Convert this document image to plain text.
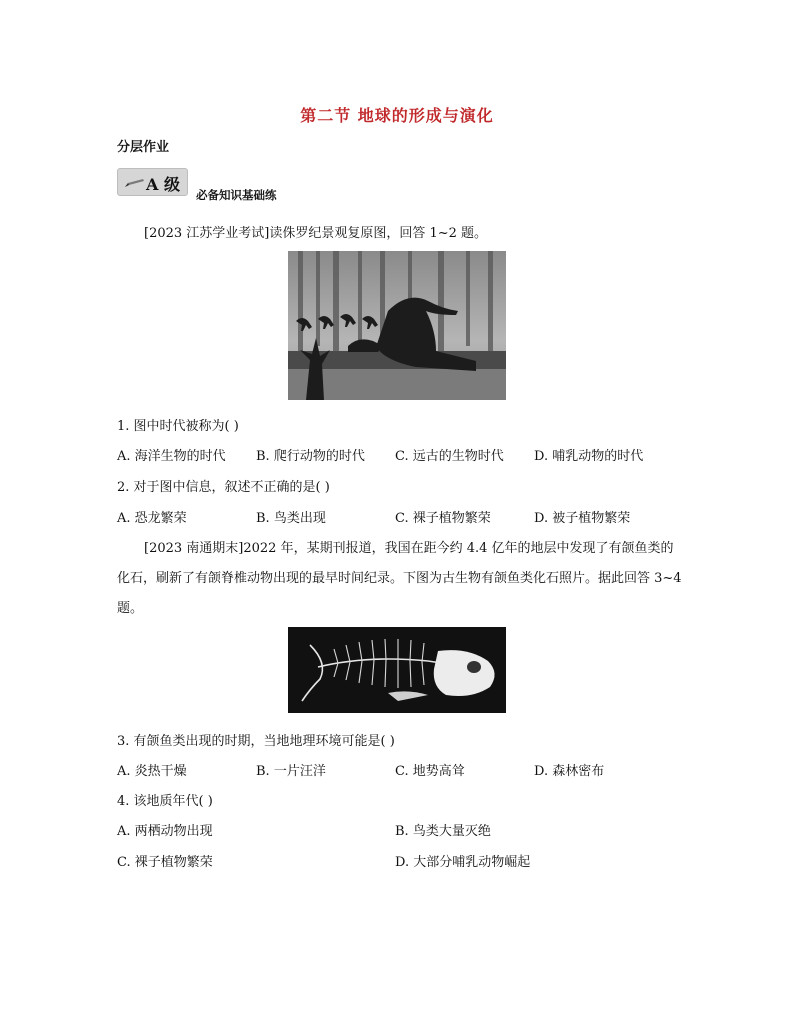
第二节 地球的形成与演化
分层作业
A 级
必备知识基础练
[2023 江苏学业考试]读侏罗纪景观复原图，回答 1~2 题。
1. 图中时代被称为( )
A. 海洋生物的时代 B. 爬行动物的时代 C. 远古的生物时代 D. 哺乳动物的时代
2. 对于图中信息，叙述不正确的是( )
A. 恐龙繁荣	B. 鸟类出现	C. 裸子植物繁荣	D. 被子植物繁荣
[2023 南通期末]2022 年，某期刊报道，我国在距今约 4.4 亿年的地层中发现了有颌鱼类的
化石，刷新了有颌脊椎动物出现的最早时间纪录。下图为古生物有颌鱼类化石照片。据此回答 3~4
题。
3. 有颌鱼类出现的时期，当地地理环境可能是( )
A. 炎热干燥	B. 一片汪洋	C. 地势高耸	D. 森林密布
4. 该地质年代( )
A. 两栖动物出现	B. 鸟类大量灭绝
C. 裸子植物繁荣	D. 大部分哺乳动物崛起
